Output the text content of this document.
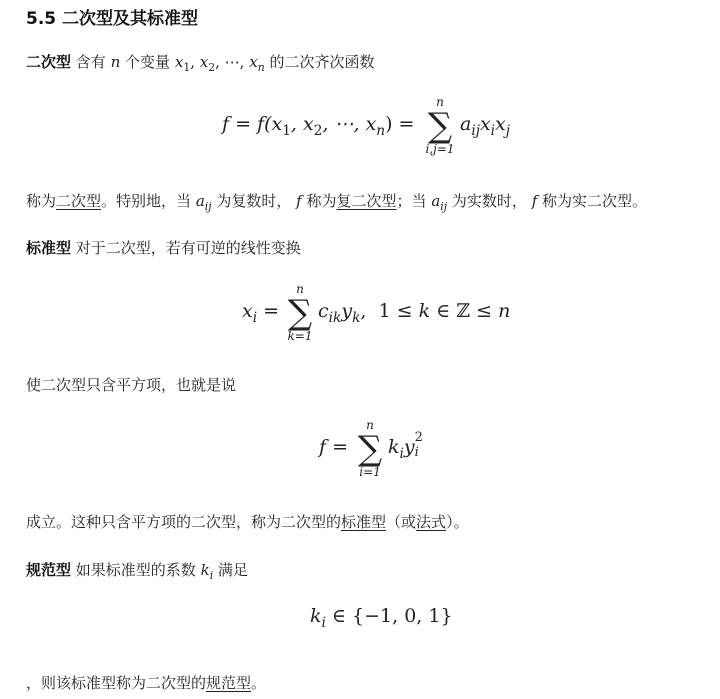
5.5 二次型及其标准型
二次型 含有 n 个变量 $x_1$, $x_2$, ⋯, $x_n$ 的二次齐次函数
$f = f(x_1$, $x_2$, ⋯, $x_n$) =
n
∑
i,j=1
$a_{ij}x_ix_j$
称为二次型。特别地，当 $a_{ij}$ 为复数时， f 称为复二次型；当 $a_{ij}$ 为实数时， f 称为实二次型。
标准型 对于二次型，若有可逆的线性变换
$x_i$ =
n
∑
k=1
$c_{ik}y_k$, 1 ≤ k ∈ ℤ ≤ n
使二次型只含平方项，也就是说
f =
n
∑
i=1
$k_iy$ 2
i
成立。这种只含平方项的二次型，称为二次型的标准型（或法式）。
规范型 如果标准型的系数 $k_i$ 满足
$k_i$ ∈ {−1, 0, 1}
，则该标准型称为二次型的规范型。
